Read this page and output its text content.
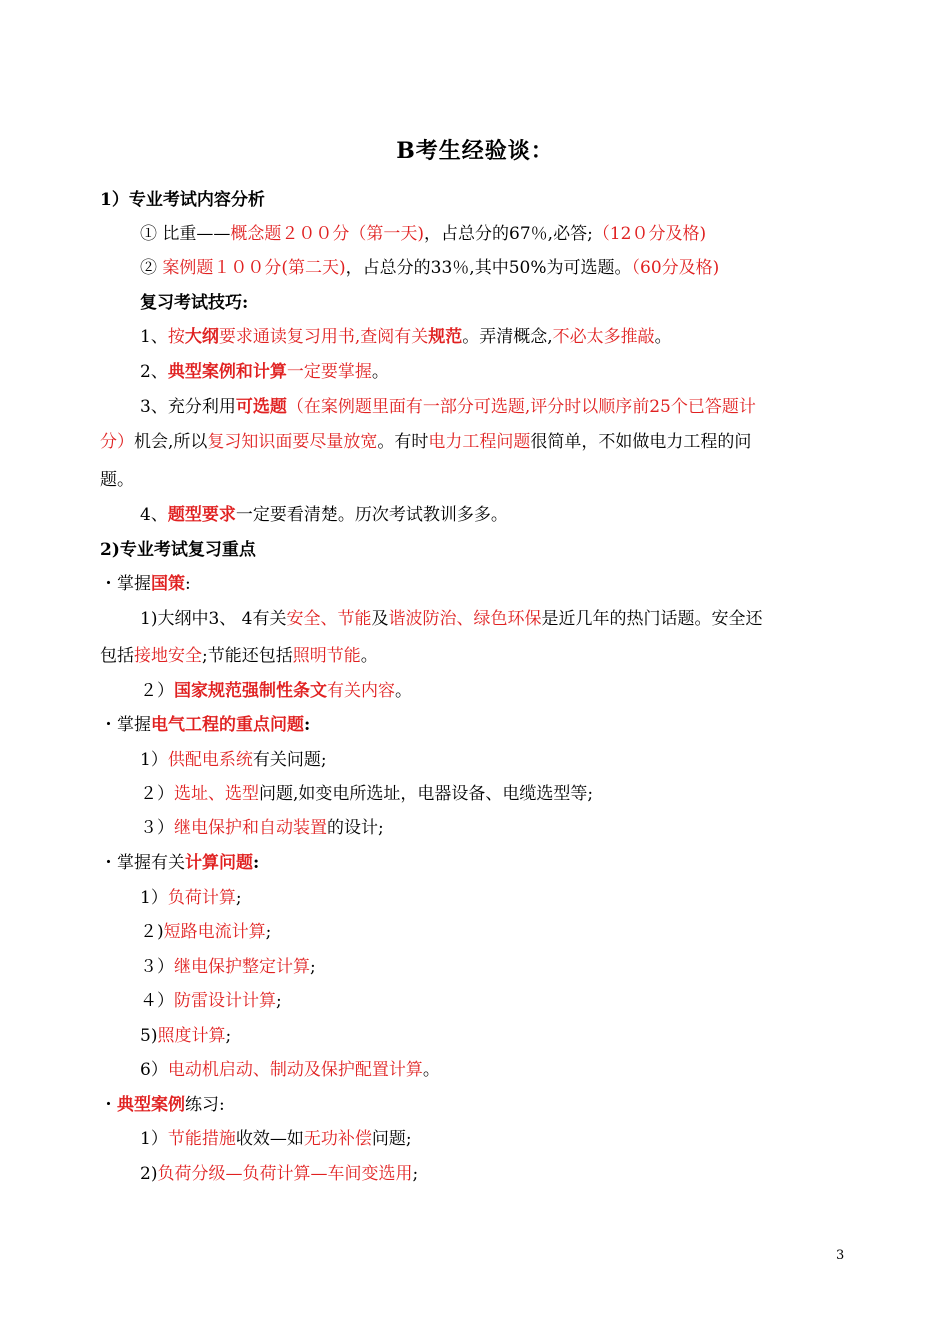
B考生经验谈：
1）专业考试内容分析
① 比重——概念题２００分（第一天)，占总分的67％,必答;（12０分及格)
② 案例题１００分(第二天)，占总分的33％,其中50%为可选题。（60分及格)
复习考试技巧:
1、按大纲要求通读复习用书,查阅有关规范。弄清概念,不必太多推敲。
2、典型案例和计算一定要掌握。
3、充分利用可选题（在案例题里面有一部分可选题,评分时以顺序前25个已答题计
分）机会,所以复习知识面要尽量放宽。有时电力工程问题很简单，不如做电力工程的问
题。
4、题型要求一定要看清楚。历次考试教训多多。
2)专业考试复习重点
・掌握国策:
1)大纲中3、 4有关安全、节能及谐波防治、绿色环保是近几年的热门话题。安全还
包括接地安全;节能还包括照明节能。
２）国家规范强制性条文有关内容。
・掌握电气工程的重点问题:
1）供配电系统有关问题;
２）选址、选型问题,如变电所选址，电器设备、电缆选型等;
３）继电保护和自动装置的设计;
・掌握有关计算问题:
1）负荷计算;
２)短路电流计算;
３）继电保护整定计算;
４）防雷设计计算;
5)照度计算;
6）电动机启动、制动及保护配置计算。
・典型案例练习:
1）节能措施收效—如无功补偿问题;
2)负荷分级—负荷计算—车间变选用;
3
